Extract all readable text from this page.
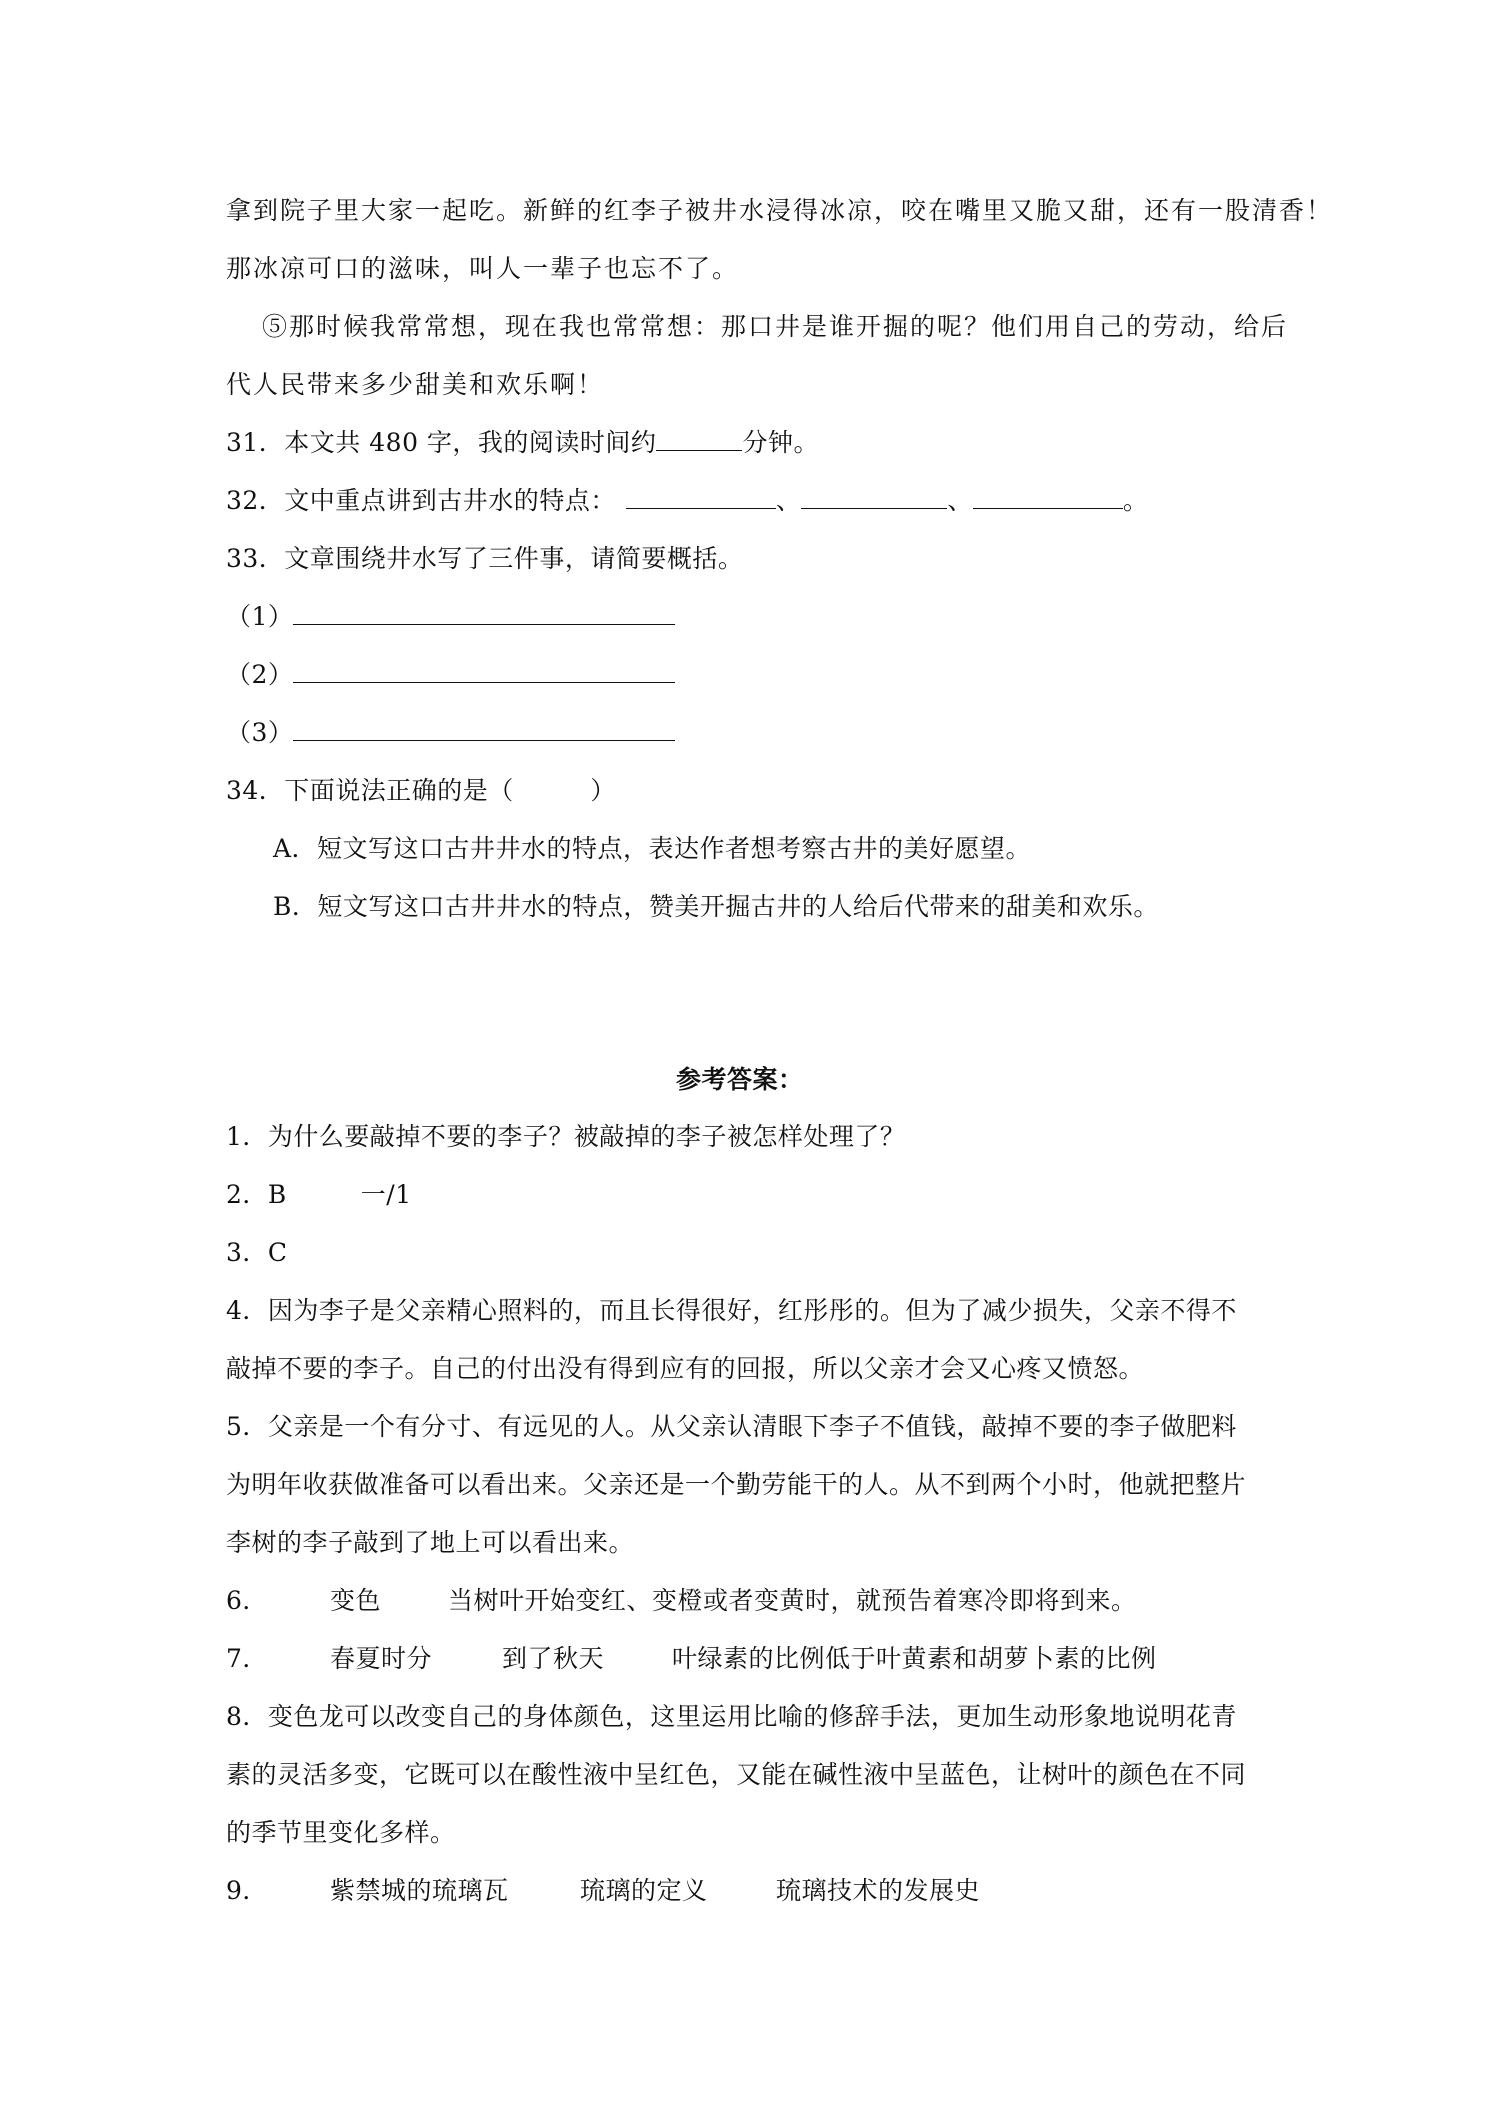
拿到院子里大家一起吃。新鲜的红李子被井水浸得冰凉，咬在嘴里又脆又甜，还有一股清香！
那冰凉可口的滋味，叫人一辈子也忘不了。
⑤那时候我常常想，现在我也常常想：那口井是谁开掘的呢？他们用自己的劳动，给后
代人民带来多少甜美和欢乐啊！
31．本文共 480 字，我的阅读时间约	分钟。
32．文中重点讲到古井水的特点：	、	、	。
33．文章围绕井水写了三件事，请简要概括。
（1）
（2）
（3）
34．下面说法正确的是（　　　）
A．短文写这口古井井水的特点，表达作者想考察古井的美好愿望。
B．短文写这口古井井水的特点，赞美开掘古井的人给后代带来的甜美和欢乐。
参考答案：
1．为什么要敲掉不要的李子？被敲掉的李子被怎样处理了？
2．B	一/1
3．C
4．因为李子是父亲精心照料的，而且长得很好，红彤彤的。但为了减少损失，父亲不得不
敲掉不要的李子。自己的付出没有得到应有的回报，所以父亲才会又心疼又愤怒。
5．父亲是一个有分寸、有远见的人。从父亲认清眼下李子不值钱，敲掉不要的李子做肥料
为明年收获做准备可以看出来。父亲还是一个勤劳能干的人。从不到两个小时，他就把整片
李树的李子敲到了地上可以看出来。
6． 变色	当树叶开始变红、变橙或者变黄时，就预告着寒冷即将到来。
7． 春夏时分	到了秋天	叶绿素的比例低于叶黄素和胡萝卜素的比例
8．变色龙可以改变自己的身体颜色，这里运用比喻的修辞手法，更加生动形象地说明花青
素的灵活多变，它既可以在酸性液中呈红色，又能在碱性液中呈蓝色，让树叶的颜色在不同
的季节里变化多样。
9． 紫禁城的琉璃瓦	琉璃的定义	琉璃技术的发展史
